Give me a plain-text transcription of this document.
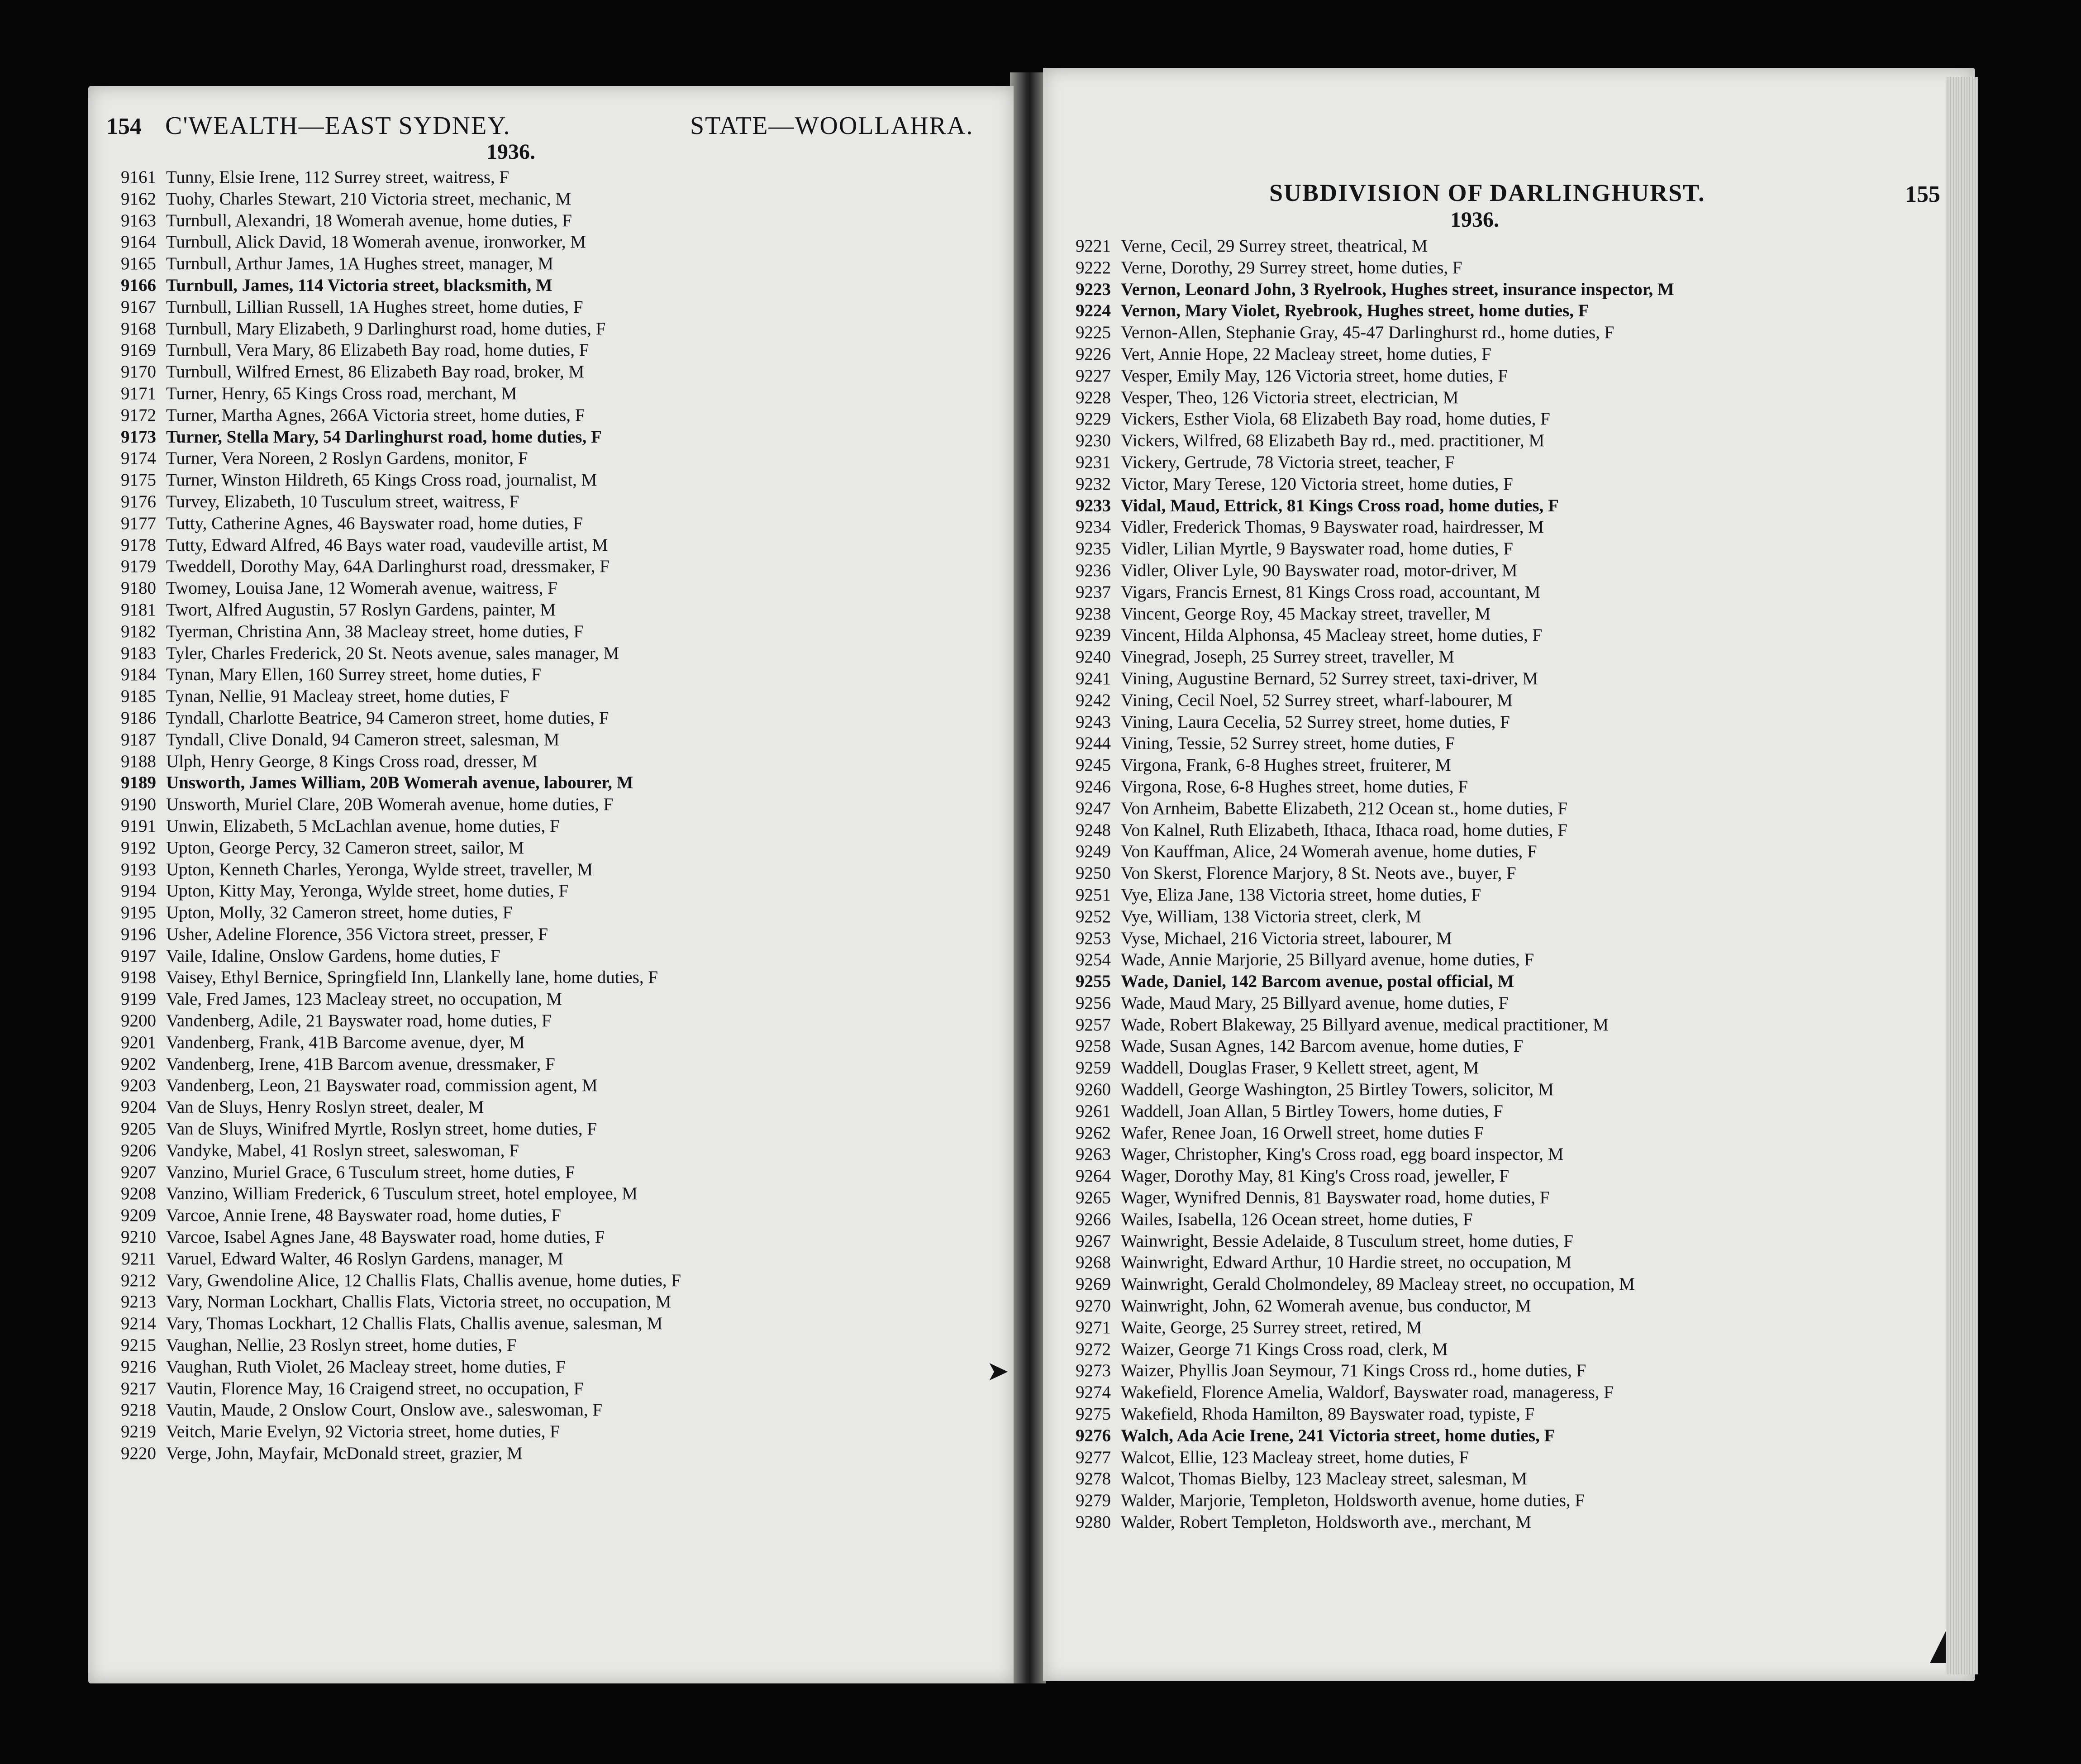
154 C'WEALTH—EAST SYDNEY.	STATE—WOOLLAHRA.
1936.
9161 Tunny, Elsie Irene, 112 Surrey street, waitress, F
9162 Tuohy, Charles Stewart, 210 Victoria street, mechanic, M
9163 Turnbull, Alexandri, 18 Womerah avenue, home duties, F
9164 Turnbull, Alick David, 18 Womerah avenue, ironworker, M
9165 Turnbull, Arthur James, 1A Hughes street, manager, M
9166 Turnbull, James, 114 Victoria street, blacksmith, M
9167 Turnbull, Lillian Russell, 1A Hughes street, home duties, F
9168 Turnbull, Mary Elizabeth, 9 Darlinghurst road, home duties, F
9169 Turnbull, Vera Mary, 86 Elizabeth Bay road, home duties, F
9170 Turnbull, Wilfred Ernest, 86 Elizabeth Bay road, broker, M
9171 Turner, Henry, 65 Kings Cross road, merchant, M
9172 Turner, Martha Agnes, 266A Victoria street, home duties, F
9173 Turner, Stella Mary, 54 Darlinghurst road, home duties, F
9174 Turner, Vera Noreen, 2 Roslyn Gardens, monitor, F
9175 Turner, Winston Hildreth, 65 Kings Cross road, journalist, M
9176 Turvey, Elizabeth, 10 Tusculum street, waitress, F
9177 Tutty, Catherine Agnes, 46 Bayswater road, home duties, F
9178 Tutty, Edward Alfred, 46 Bays water road, vaudeville artist, M
9179 Tweddell, Dorothy May, 64A Darlinghurst road, dressmaker, F
9180 Twomey, Louisa Jane, 12 Womerah avenue, waitress, F
9181 Twort, Alfred Augustin, 57 Roslyn Gardens, painter, M
9182 Tyerman, Christina Ann, 38 Macleay street, home duties, F
9183 Tyler, Charles Frederick, 20 St. Neots avenue, sales manager, M
9184 Tynan, Mary Ellen, 160 Surrey street, home duties, F
9185 Tynan, Nellie, 91 Macleay street, home duties, F
9186 Tyndall, Charlotte Beatrice, 94 Cameron street, home duties, F
9187 Tyndall, Clive Donald, 94 Cameron street, salesman, M
9188 Ulph, Henry George, 8 Kings Cross road, dresser, M
9189 Unsworth, James William, 20B Womerah avenue, labourer, M
9190 Unsworth, Muriel Clare, 20B Womerah avenue, home duties, F
9191 Unwin, Elizabeth, 5 McLachlan avenue, home duties, F
9192 Upton, George Percy, 32 Cameron street, sailor, M
9193 Upton, Kenneth Charles, Yeronga, Wylde street, traveller, M
9194 Upton, Kitty May, Yeronga, Wylde street, home duties, F
9195 Upton, Molly, 32 Cameron street, home duties, F
9196 Usher, Adeline Florence, 356 Victora street, presser, F
9197 Vaile, Idaline, Onslow Gardens, home duties, F
9198 Vaisey, Ethyl Bernice, Springfield Inn, Llankelly lane, home duties, F
9199 Vale, Fred James, 123 Macleay street, no occupation, M
9200 Vandenberg, Adile, 21 Bayswater road, home duties, F
9201 Vandenberg, Frank, 41B Barcome avenue, dyer, M
9202 Vandenberg, Irene, 41B Barcom avenue, dressmaker, F
9203 Vandenberg, Leon, 21 Bayswater road, commission agent, M
9204 Van de Sluys, Henry Roslyn street, dealer, M
9205 Van de Sluys, Winifred Myrtle, Roslyn street, home duties, F
9206 Vandyke, Mabel, 41 Roslyn street, saleswoman, F
9207 Vanzino, Muriel Grace, 6 Tusculum street, home duties, F
9208 Vanzino, William Frederick, 6 Tusculum street, hotel employee, M
9209 Varcoe, Annie Irene, 48 Bayswater road, home duties, F
9210 Varcoe, Isabel Agnes Jane, 48 Bayswater road, home duties, F
9211 Varuel, Edward Walter, 46 Roslyn Gardens, manager, M
9212 Vary, Gwendoline Alice, 12 Challis Flats, Challis avenue, home duties, F
9213 Vary, Norman Lockhart, Challis Flats, Victoria street, no occupation, M
9214 Vary, Thomas Lockhart, 12 Challis Flats, Challis avenue, salesman, M
9215 Vaughan, Nellie, 23 Roslyn street, home duties, F
9216 Vaughan, Ruth Violet, 26 Macleay street, home duties, F
9217 Vautin, Florence May, 16 Craigend street, no occupation, F
9218 Vautin, Maude, 2 Onslow Court, Onslow ave., saleswoman, F
9219 Veitch, Marie Evelyn, 92 Victoria street, home duties, F
9220 Verge, John, Mayfair, McDonald street, grazier, M
➤
SUBDIVISION OF DARLINGHURST.	155
1936.
9221 Verne, Cecil, 29 Surrey street, theatrical, M
9222 Verne, Dorothy, 29 Surrey street, home duties, F
9223 Vernon, Leonard John, 3 Ryelrook, Hughes street, insurance inspector, M
9224 Vernon, Mary Violet, Ryebrook, Hughes street, home duties, F
9225 Vernon-Allen, Stephanie Gray, 45-47 Darlinghurst rd., home duties, F
9226 Vert, Annie Hope, 22 Macleay street, home duties, F
9227 Vesper, Emily May, 126 Victoria street, home duties, F
9228 Vesper, Theo, 126 Victoria street, electrician, M
9229 Vickers, Esther Viola, 68 Elizabeth Bay road, home duties, F
9230 Vickers, Wilfred, 68 Elizabeth Bay rd., med. practitioner, M
9231 Vickery, Gertrude, 78 Victoria street, teacher, F
9232 Victor, Mary Terese, 120 Victoria street, home duties, F
9233 Vidal, Maud, Ettrick, 81 Kings Cross road, home duties, F
9234 Vidler, Frederick Thomas, 9 Bayswater road, hairdresser, M
9235 Vidler, Lilian Myrtle, 9 Bayswater road, home duties, F
9236 Vidler, Oliver Lyle, 90 Bayswater road, motor-driver, M
9237 Vigars, Francis Ernest, 81 Kings Cross road, accountant, M
9238 Vincent, George Roy, 45 Mackay street, traveller, M
9239 Vincent, Hilda Alphonsa, 45 Macleay street, home duties, F
9240 Vinegrad, Joseph, 25 Surrey street, traveller, M
9241 Vining, Augustine Bernard, 52 Surrey street, taxi-driver, M
9242 Vining, Cecil Noel, 52 Surrey street, wharf-labourer, M
9243 Vining, Laura Cecelia, 52 Surrey street, home duties, F
9244 Vining, Tessie, 52 Surrey street, home duties, F
9245 Virgona, Frank, 6-8 Hughes street, fruiterer, M
9246 Virgona, Rose, 6-8 Hughes street, home duties, F
9247 Von Arnheim, Babette Elizabeth, 212 Ocean st., home duties, F
9248 Von Kalnel, Ruth Elizabeth, Ithaca, Ithaca road, home duties, F
9249 Von Kauffman, Alice, 24 Womerah avenue, home duties, F
9250 Von Skerst, Florence Marjory, 8 St. Neots ave., buyer, F
9251 Vye, Eliza Jane, 138 Victoria street, home duties, F
9252 Vye, William, 138 Victoria street, clerk, M
9253 Vyse, Michael, 216 Victoria street, labourer, M
9254 Wade, Annie Marjorie, 25 Billyard avenue, home duties, F
9255 Wade, Daniel, 142 Barcom avenue, postal official, M
9256 Wade, Maud Mary, 25 Billyard avenue, home duties, F
9257 Wade, Robert Blakeway, 25 Billyard avenue, medical practitioner, M
9258 Wade, Susan Agnes, 142 Barcom avenue, home duties, F
9259 Waddell, Douglas Fraser, 9 Kellett street, agent, M
9260 Waddell, George Washington, 25 Birtley Towers, solicitor, M
9261 Waddell, Joan Allan, 5 Birtley Towers, home duties, F
9262 Wafer, Renee Joan, 16 Orwell street, home duties F
9263 Wager, Christopher, King's Cross road, egg board inspector, M
9264 Wager, Dorothy May, 81 King's Cross road, jeweller, F
9265 Wager, Wynifred Dennis, 81 Bayswater road, home duties, F
9266 Wailes, Isabella, 126 Ocean street, home duties, F
9267 Wainwright, Bessie Adelaide, 8 Tusculum street, home duties, F
9268 Wainwright, Edward Arthur, 10 Hardie street, no occupation, M
9269 Wainwright, Gerald Cholmondeley, 89 Macleay street, no occupation, M
9270 Wainwright, John, 62 Womerah avenue, bus conductor, M
9271 Waite, George, 25 Surrey street, retired, M
9272 Waizer, George 71 Kings Cross road, clerk, M
9273 Waizer, Phyllis Joan Seymour, 71 Kings Cross rd., home duties, F
9274 Wakefield, Florence Amelia, Waldorf, Bayswater road, manageress, F
9275 Wakefield, Rhoda Hamilton, 89 Bayswater road, typiste, F
9276 Walch, Ada Acie Irene, 241 Victoria street, home duties, F
9277 Walcot, Ellie, 123 Macleay street, home duties, F
9278 Walcot, Thomas Bielby, 123 Macleay street, salesman, M
9279 Walder, Marjorie, Templeton, Holdsworth avenue, home duties, F
9280 Walder, Robert Templeton, Holdsworth ave., merchant, M
